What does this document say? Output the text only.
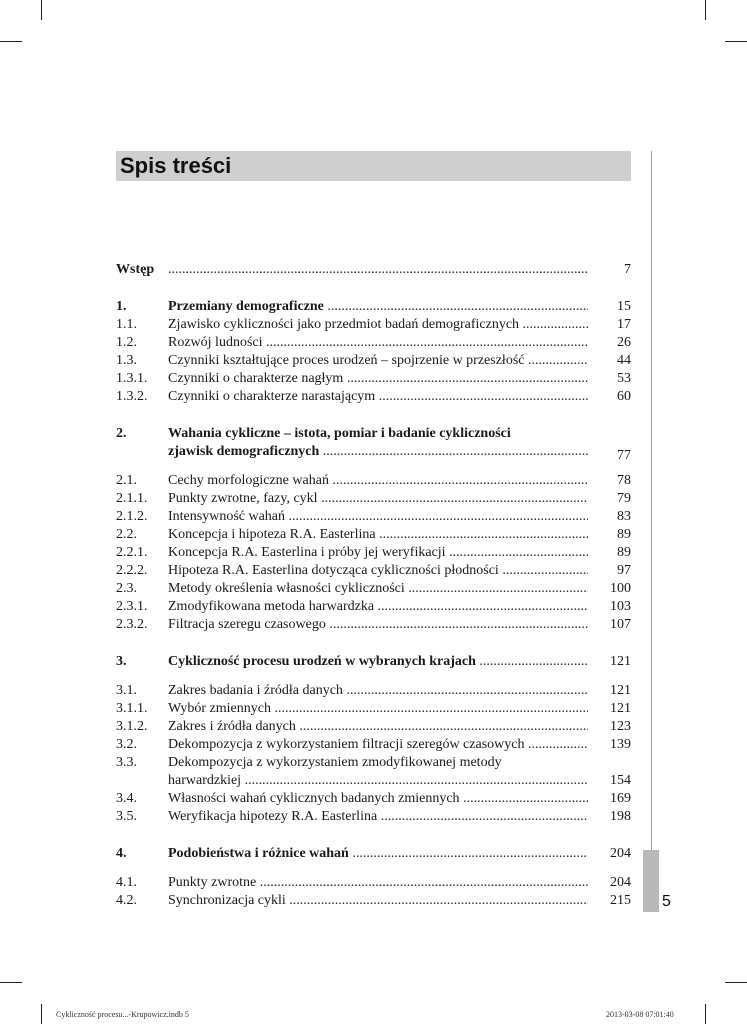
Spis treści
5
Wstęp .....	7
1.	Przemiany demograficzne .....	15
1.1. Zjawisko cykliczności jako przedmiot badań demograficznych .....	17
1.2. Rozwój ludności .....	26
1.3. Czynniki kształtujące proces urodzeń – spojrzenie w przeszłość .....	44
1.3.1. Czynniki o charakterze nagłym .....	53
1.3.2. Czynniki o charakterze narastającym .....	60
2.	Wahania cykliczne – istota, pomiar i badanie cykliczności
zjawisk demograficznych .....	77
2.1. Cechy morfologiczne wahań .....	78
2.1.1. Punkty zwrotne, fazy, cykl .....	79
2.1.2. Intensywność wahań .....	83
2.2. Koncepcja i hipoteza R.A. Easterlina .....	89
2.2.1. Koncepcja R.A. Easterlina i próby jej weryfikacji .....	89
2.2.2. Hipoteza R.A. Easterlina dotycząca cykliczności płodności .....	97
2.3. Metody określenia własności cykliczności .....	100
2.3.1. Zmodyfikowana metoda harwardzka .....	103
2.3.2. Filtracja szeregu czasowego .....	107
3.	Cykliczność procesu urodzeń w wybranych krajach .....	121
3.1. Zakres badania i źródła danych .....	121
3.1.1. Wybór zmiennych .....	121
3.1.2. Zakres i źródła danych .....	123
3.2. Dekompozycja z wykorzystaniem filtracji szeregów czasowych .....	139
3.3. Dekompozycja z wykorzystaniem zmodyfikowanej metody
harwardzkiej .....	154
3.4. Własności wahań cyklicznych badanych zmiennych .....	169
3.5. Weryfikacja hipotezy R.A. Easterlina .....	198
4.	Podobieństwa i różnice wahań .....	204
4.1. Punkty zwrotne .....	204
4.2. Synchronizacja cykli .....	215
Cykliczność procesu...-Krupowicz.indb 5	2013-03-08 07:01:40
